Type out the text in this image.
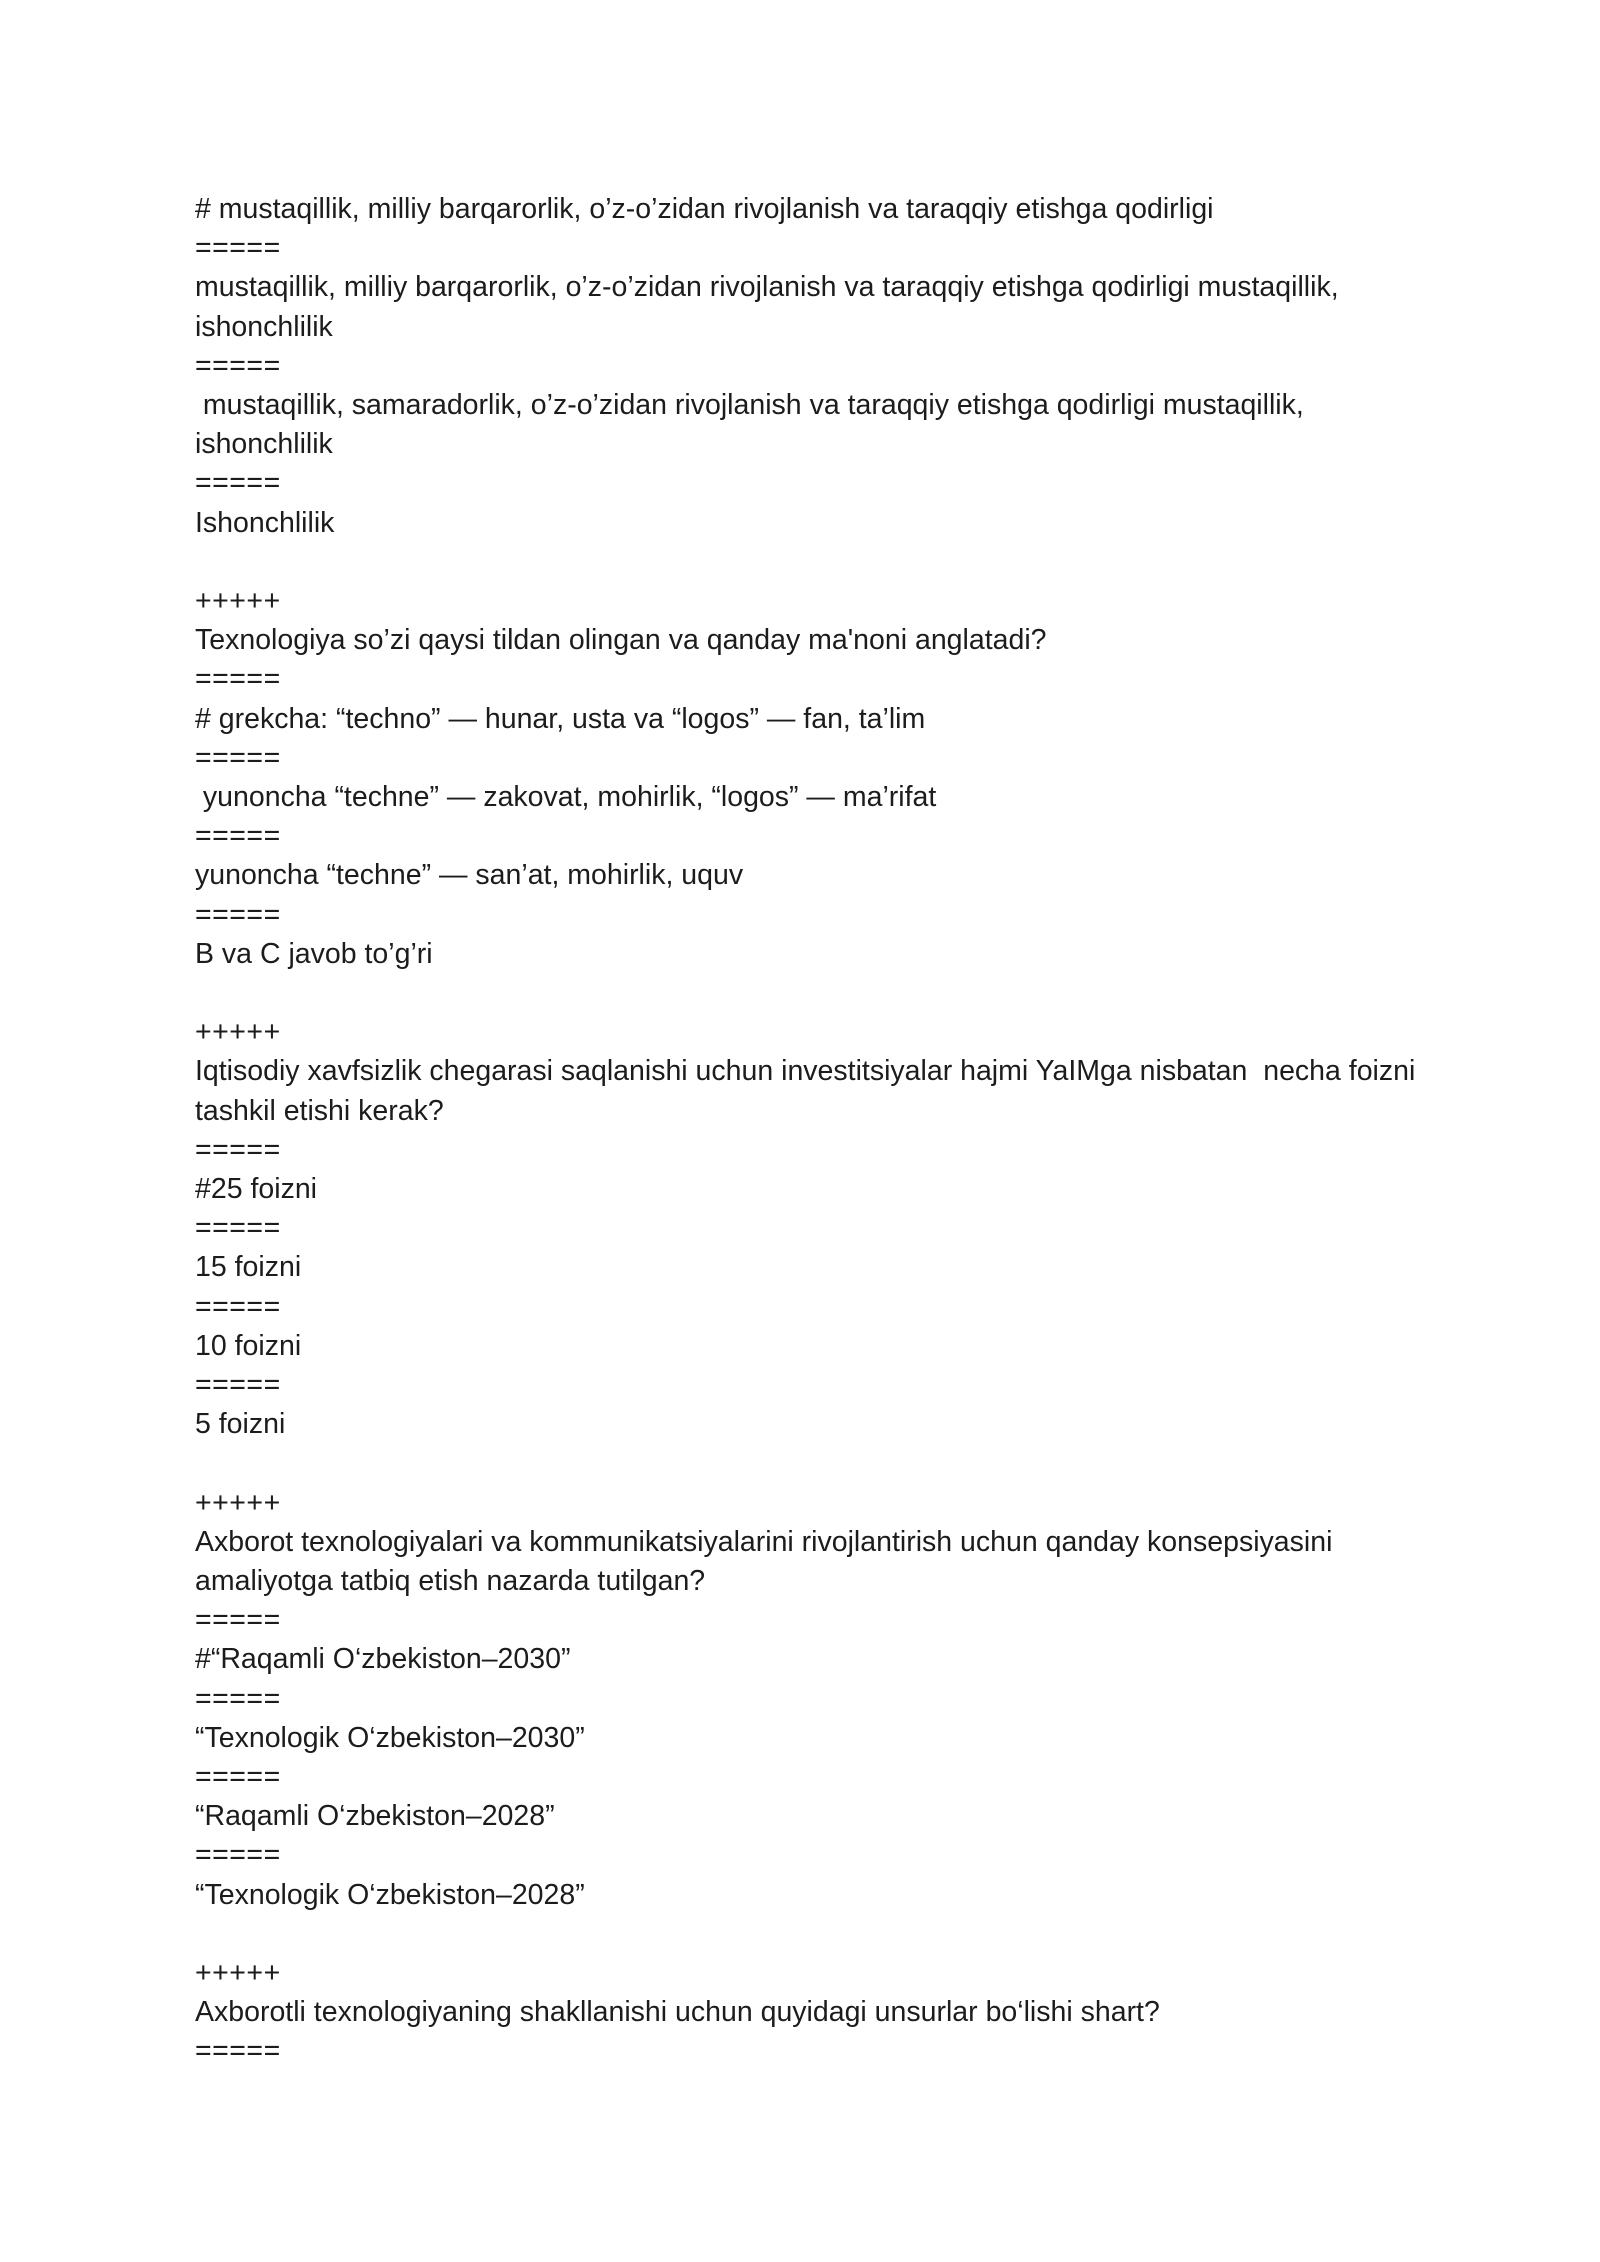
# mustaqillik, milliy barqarorlik, o’z-o’zidan rivojlanish va taraqqiy etishga qodirligi
=====
mustaqillik, milliy barqarorlik, o’z-o’zidan rivojlanish va taraqqiy etishga qodirligi mustaqillik, ishonchlilik
=====
mustaqillik, samaradorlik, o’z-o’zidan rivojlanish va taraqqiy etishga qodirligi mustaqillik, ishonchlilik
=====
Ishonchlilik
+++++
Texnologiya so’zi qaysi tildan olingan va qanday ma'noni anglatadi?
=====
# grekcha: “techno” — hunar, usta va “logos” — fan, ta’lim
=====
yunoncha “techne” — zakovat, mohirlik, “logos” — ma’rifat
=====
yunoncha “techne” — san’at, mohirlik, uquv
=====
B va C javob to’g’ri
+++++
Iqtisodiy xavfsizlik chegarasi saqlanishi uchun investitsiyalar hajmi YaIMga nisbatan  necha foizni tashkil etishi kerak?
=====
#25 foizni
=====
15 foizni
=====
10 foizni
=====
5 foizni
+++++
Axborot texnologiyalari va kommunikatsiyalarini rivojlantirish uchun qanday konsepsiyasini amaliyotga tatbiq etish nazarda tutilgan?
=====
#“Raqamli O‘zbekiston–2030”
=====
“Texnologik O‘zbekiston–2030”
=====
“Raqamli O‘zbekiston–2028”
=====
“Texnologik O‘zbekiston–2028”
+++++
Axborotli texnologiyaning shakllanishi uchun quyidagi unsurlar bo‘lishi shart?
=====
